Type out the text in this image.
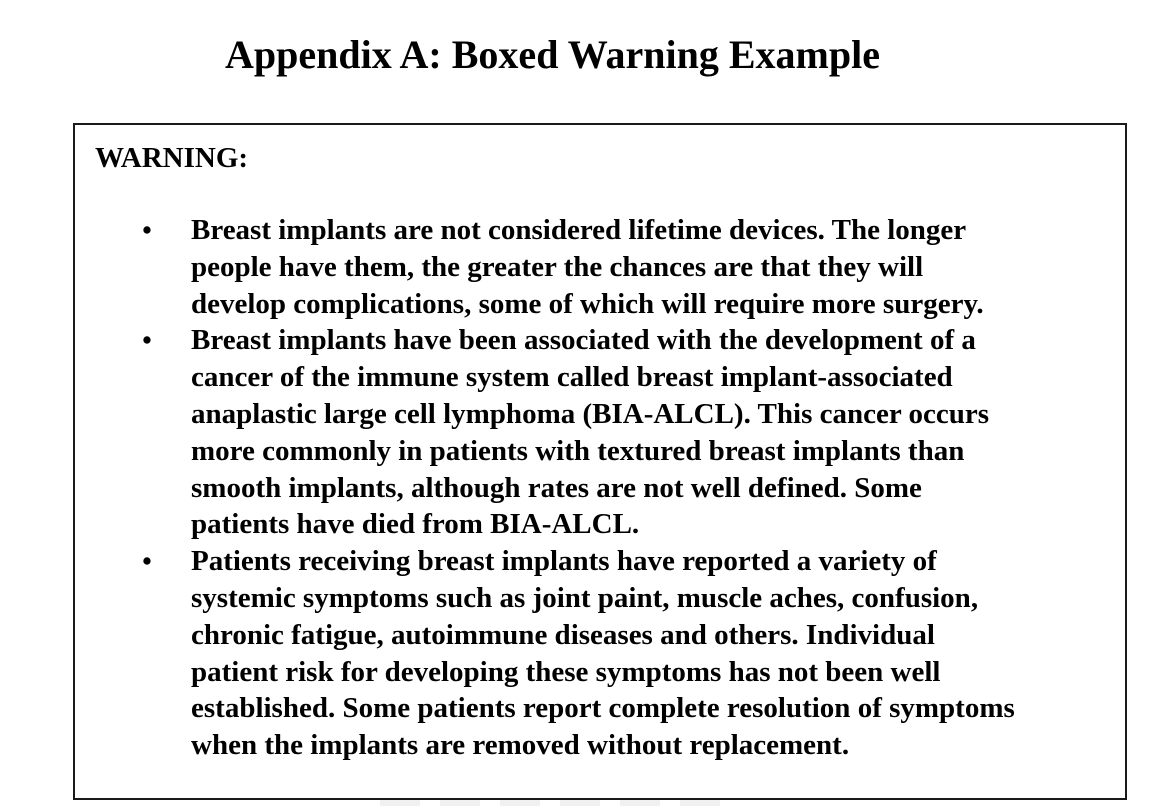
Appendix A: Boxed Warning Example
WARNING:
• Breast implants are not considered lifetime devices. The longer
people have them, the greater the chances are that they will
develop complications, some of which will require more surgery.
• Breast implants have been associated with the development of a
cancer of the immune system called breast implant-associated
anaplastic large cell lymphoma (BIA-ALCL). This cancer occurs
more commonly in patients with textured breast implants than
smooth implants, although rates are not well defined. Some
patients have died from BIA-ALCL.
• Patients receiving breast implants have reported a variety of
systemic symptoms such as joint paint, muscle aches, confusion,
chronic fatigue, autoimmune diseases and others. Individual
patient risk for developing these symptoms has not been well
established. Some patients report complete resolution of symptoms
when the implants are removed without replacement.
